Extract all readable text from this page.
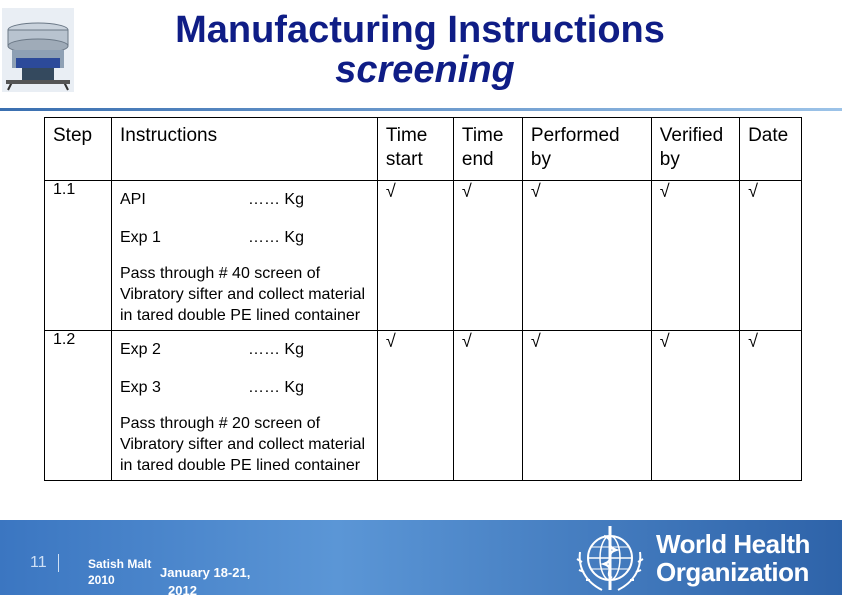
Manufacturing Instructions
screening
Step	Instructions	Time start	Time end	Performed by	Verified by	Date
1.1	API …… Kg
Exp 1 …… Kg
Pass through # 40 screen of Vibratory sifter and collect material in tared double PE lined container	√	√	√	√	√
1.2	Exp 2 …… Kg
Exp 3 …… Kg
Pass through # 20 screen of Vibratory sifter and collect material in tared double PE lined container	√	√	√	√	√
11	Satish Malt
2010	January 18-21,
2012
World Health
Organization
